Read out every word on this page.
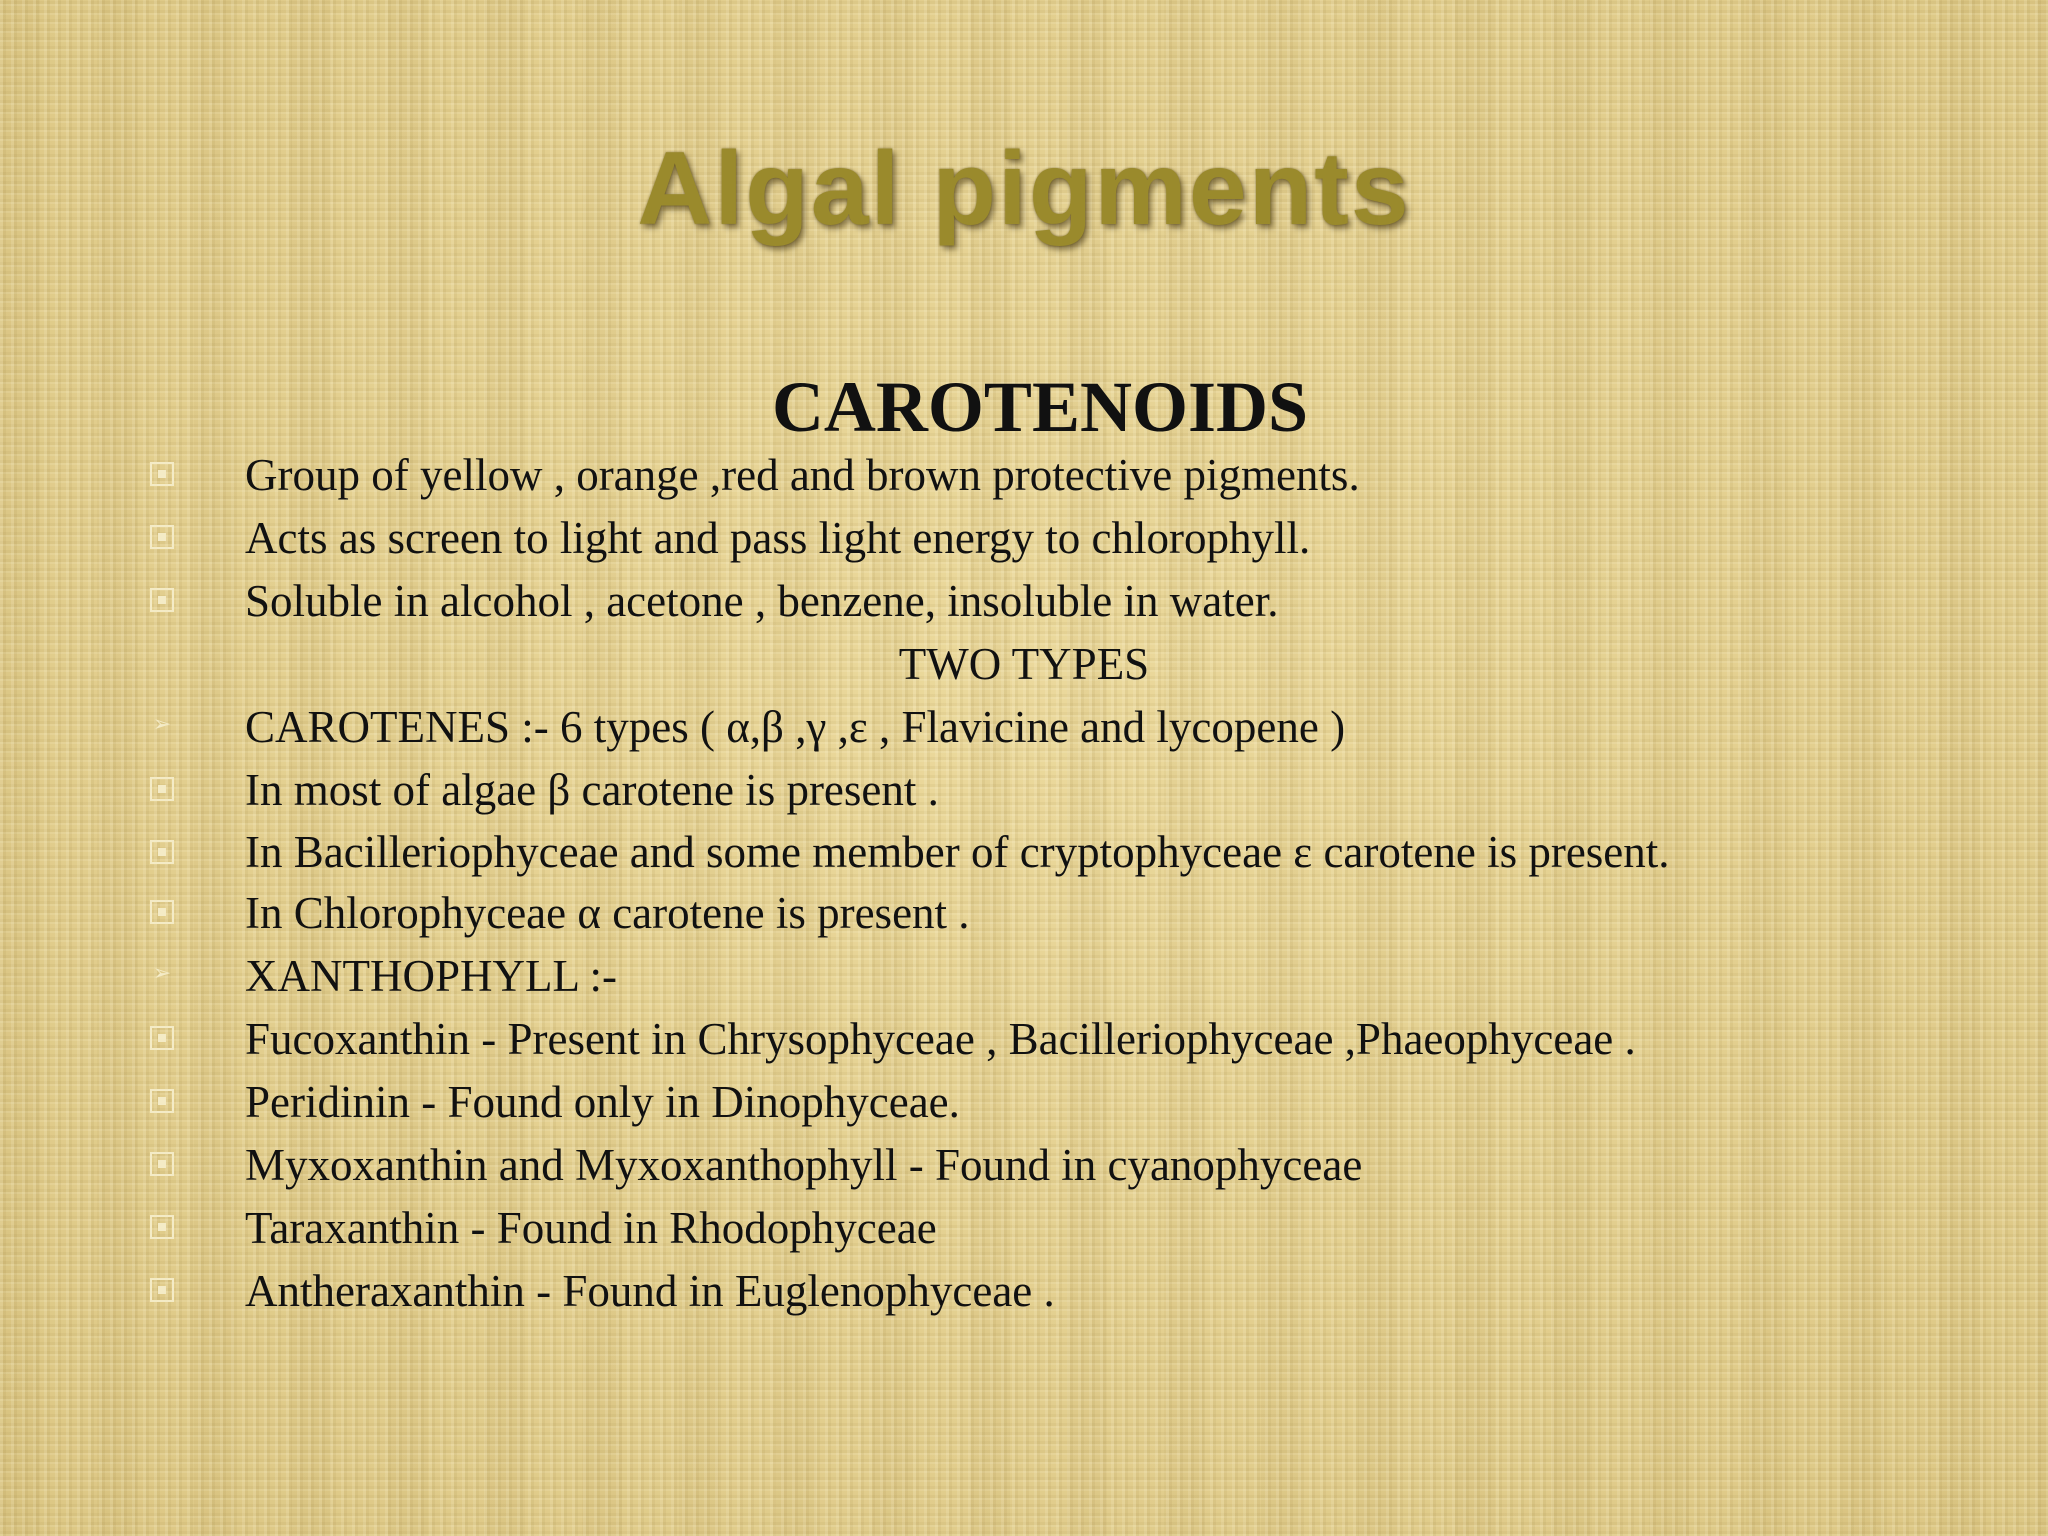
Algal pigments
CAROTENOIDS
Group of yellow , orange ,red and brown protective pigments.
Acts as screen to light and pass light energy to chlorophyll.
Soluble in alcohol , acetone , benzene, insoluble in water.
TWO TYPES
➢ CAROTENES :- 6 types ( α,β ,γ ,ε , Flavicine and lycopene )
In most of algae β carotene is present .
In Bacilleriophyceae and some member of cryptophyceae ε carotene is present.
In Chlorophyceae α carotene is present .
➢ XANTHOPHYLL :-
Fucoxanthin - Present in Chrysophyceae , Bacilleriophyceae ,Phaeophyceae .
Peridinin - Found only in Dinophyceae.
Myxoxanthin and Myxoxanthophyll - Found in cyanophyceae
Taraxanthin - Found in Rhodophyceae
Antheraxanthin - Found in Euglenophyceae .
